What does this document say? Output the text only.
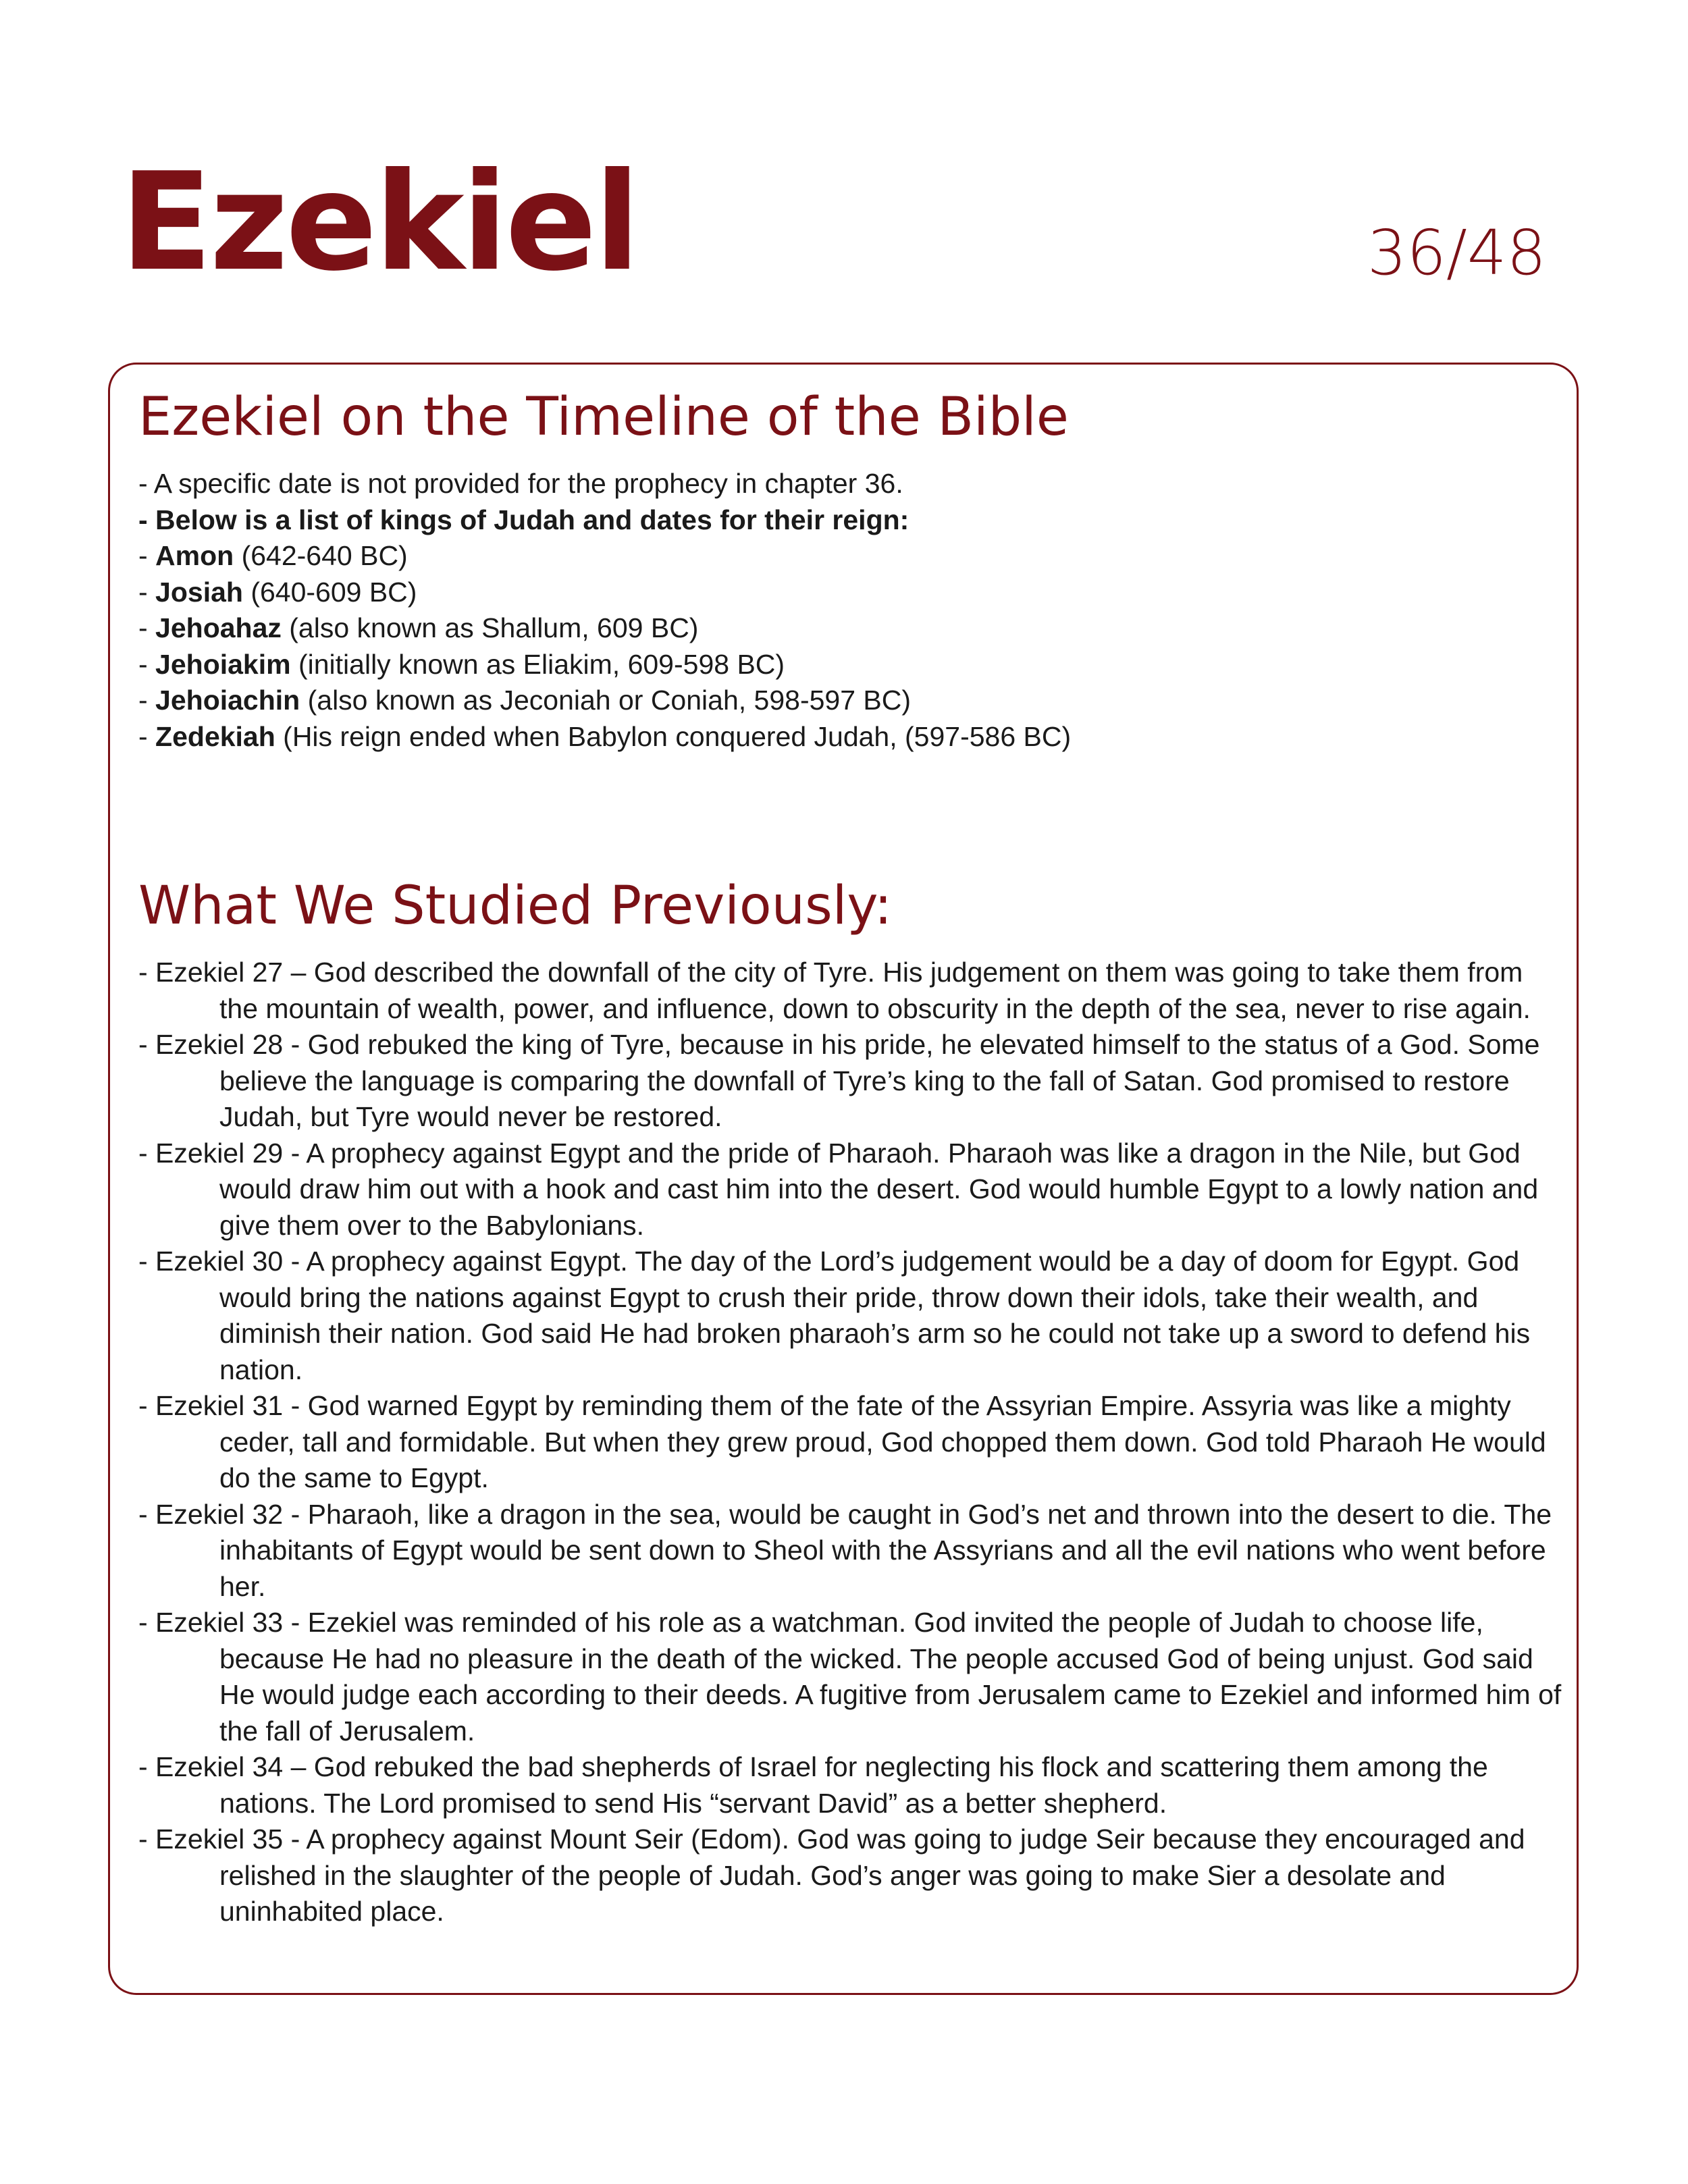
Ezekiel	36/48
Ezekiel on the Timeline of the Bible
- A specific date is not provided for the prophecy in chapter 36.
- Below is a list of kings of Judah and dates for their reign:
- Amon (642-640 BC)
- Josiah (640-609 BC)
- Jehoahaz (also known as Shallum, 609 BC)
- Jehoiakim (initially known as Eliakim, 609-598 BC)
- Jehoiachin (also known as Jeconiah or Coniah, 598-597 BC)
- Zedekiah (His reign ended when Babylon conquered Judah, (597-586 BC)
What We Studied Previously:
- Ezekiel 27 – God described the downfall of the city of Tyre. His judgement on them was going to take them from the mountain of wealth, power, and influence, down to obscurity in the depth of the sea, never to rise again.
- Ezekiel 28 - God rebuked the king of Tyre, because in his pride, he elevated himself to the status of a God. Some believe the language is comparing the downfall of Tyre’s king to the fall of Satan. God promised to restore Judah, but Tyre would never be restored.
- Ezekiel 29 - A prophecy against Egypt and the pride of Pharaoh. Pharaoh was like a dragon in the Nile, but God would draw him out with a hook and cast him into the desert. God would humble Egypt to a lowly nation and give them over to the Babylonians.
- Ezekiel 30 - A prophecy against Egypt. The day of the Lord’s judgement would be a day of doom for Egypt. God would bring the nations against Egypt to crush their pride, throw down their idols, take their wealth, and diminish their nation. God said He had broken pharaoh’s arm so he could not take up a sword to defend his nation.
- Ezekiel 31 - God warned Egypt by reminding them of the fate of the Assyrian Empire. Assyria was like a mighty ceder, tall and formidable. But when they grew proud, God chopped them down. God told Pharaoh He would do the same to Egypt.
- Ezekiel 32 - Pharaoh, like a dragon in the sea, would be caught in God’s net and thrown into the desert to die. The inhabitants of Egypt would be sent down to Sheol with the Assyrians and all the evil nations who went before her.
- Ezekiel 33 - Ezekiel was reminded of his role as a watchman. God invited the people of Judah to choose life, because He had no pleasure in the death of the wicked. The people accused God of being unjust. God said He would judge each according to their deeds. A fugitive from Jerusalem came to Ezekiel and informed him of the fall of Jerusalem.
- Ezekiel 34 – God rebuked the bad shepherds of Israel for neglecting his flock and scattering them among the nations. The Lord promised to send His “servant David” as a better shepherd.
- Ezekiel 35 - A prophecy against Mount Seir (Edom). God was going to judge Seir because they encouraged and relished in the slaughter of the people of Judah. God’s anger was going to make Sier a desolate and uninhabited place.
